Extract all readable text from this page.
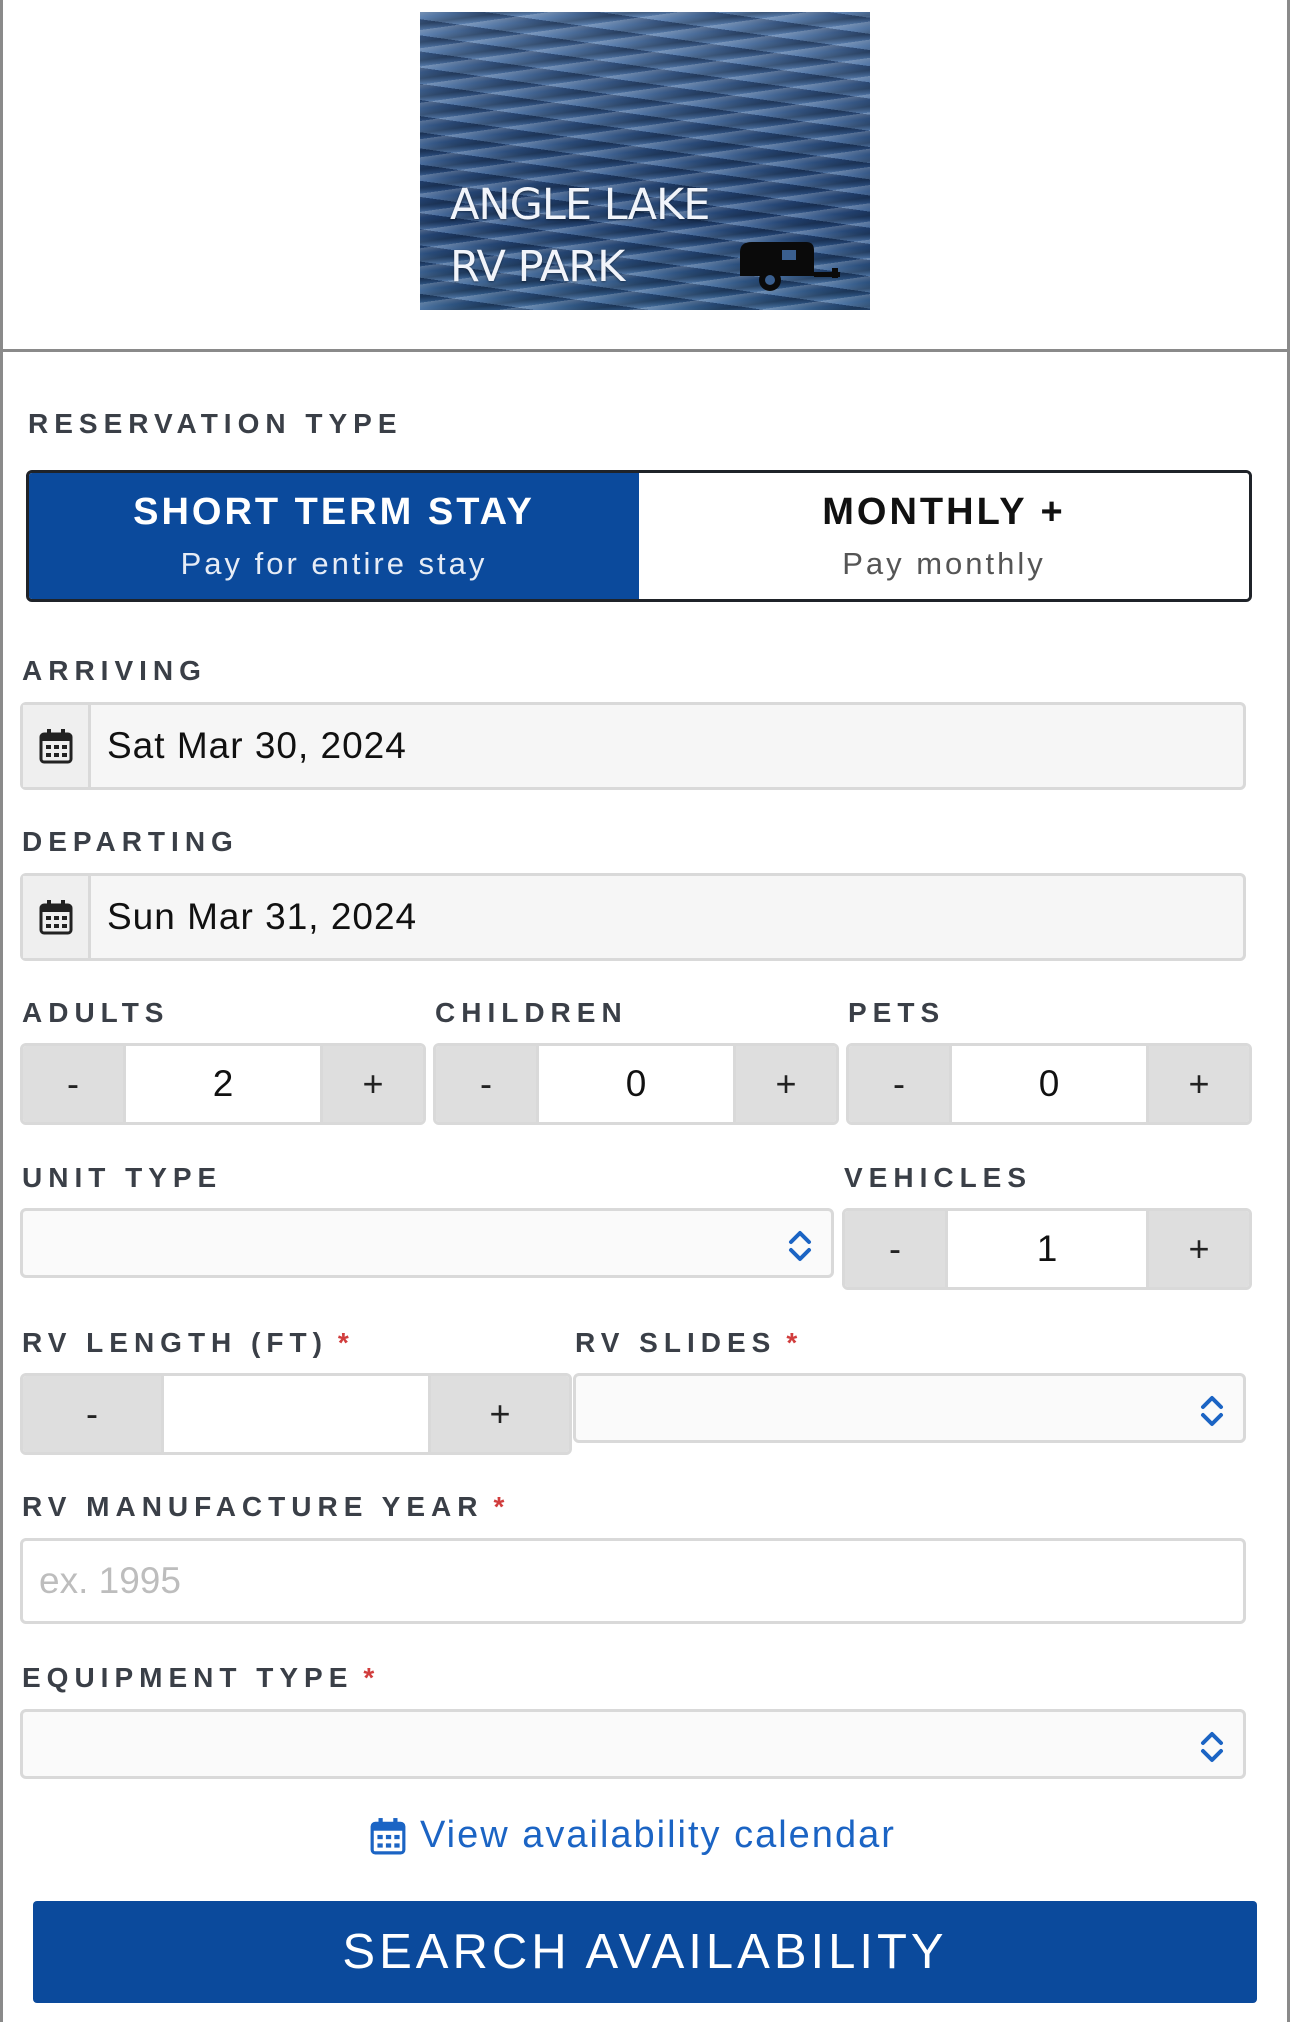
ANGLE LAKE
RV PARK
RESERVATION TYPE
SHORT TERM STAY
Pay for entire stay
MONTHLY +
Pay monthly
ARRIVING
Sat Mar 30, 2024
DEPARTING
Sun Mar 31, 2024
ADULTS
-	2	+
CHILDREN
-	0	+
PETS
-	0	+
UNIT TYPE	VEHICLES
-	1	+
RV LENGTH (FT) *
-	+
RV SLIDES *
RV MANUFACTURE YEAR *
ex. 1995
EQUIPMENT TYPE *
View availability calendar
SEARCH AVAILABILITY
